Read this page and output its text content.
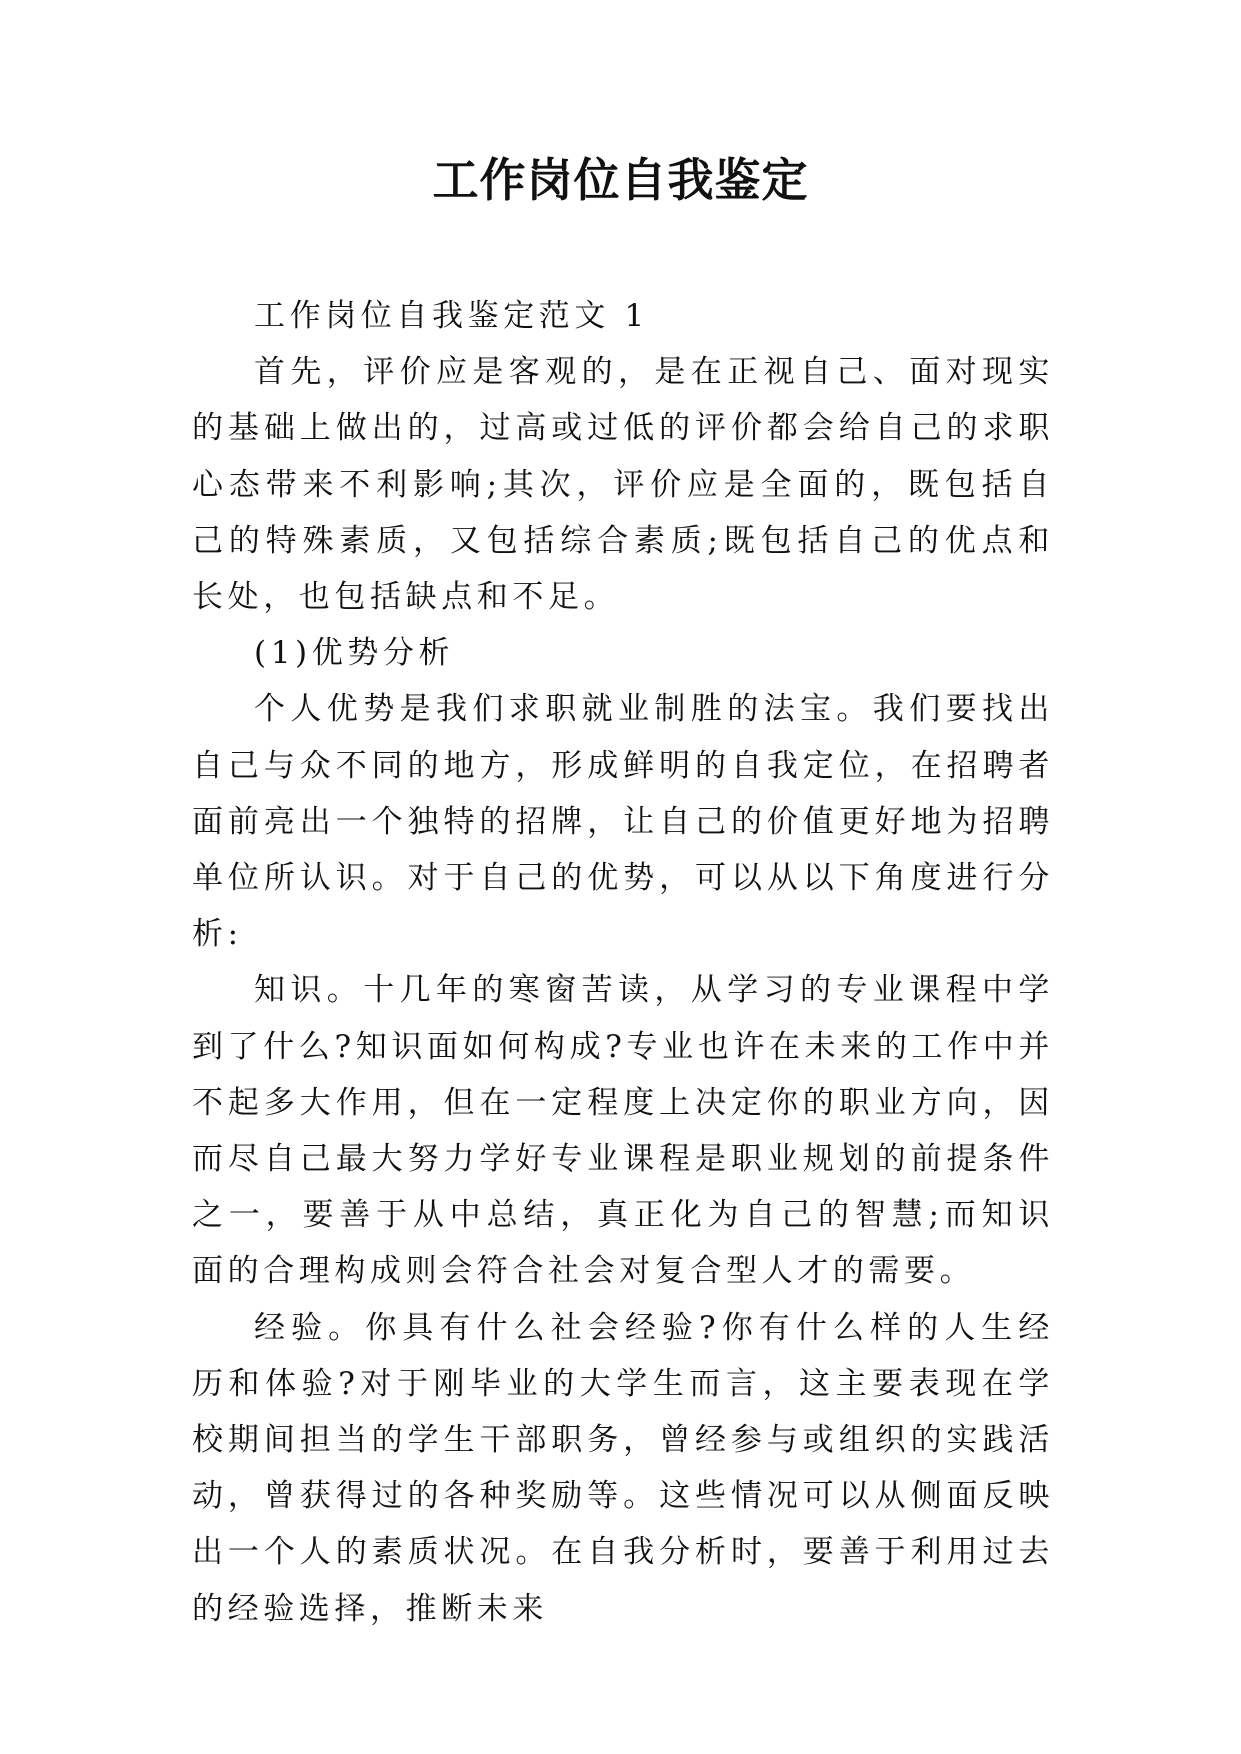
工作岗位自我鉴定

工作岗位自我鉴定范文 1

首先，评价应是客观的，是在正视自己、面对现实的基础上做出的，过高或过低的评价都会给自己的求职心态带来不利影响;其次，评价应是全面的，既包括自己的特殊素质，又包括综合素质;既包括自己的优点和长处，也包括缺点和不足。

(1)优势分析

个人优势是我们求职就业制胜的法宝。我们要找出自己与众不同的地方，形成鲜明的自我定位，在招聘者面前亮出一个独特的招牌，让自己的价值更好地为招聘单位所认识。对于自己的优势，可以从以下角度进行分析:

知识。十几年的寒窗苦读，从学习的专业课程中学到了什么?知识面如何构成?专业也许在未来的工作中并不起多大作用，但在一定程度上决定你的职业方向，因而尽自己最大努力学好专业课程是职业规划的前提条件之一，要善于从中总结，真正化为自己的智慧;而知识面的合理构成则会符合社会对复合型人才的需要。

经验。你具有什么社会经验?你有什么样的人生经历和体验?对于刚毕业的大学生而言，这主要表现在学校期间担当的学生干部职务，曾经参与或组织的实践活动，曾获得过的各种奖励等。这些情况可以从侧面反映出一个人的素质状况。在自我分析时，要善于利用过去的经验选择，推断未来
